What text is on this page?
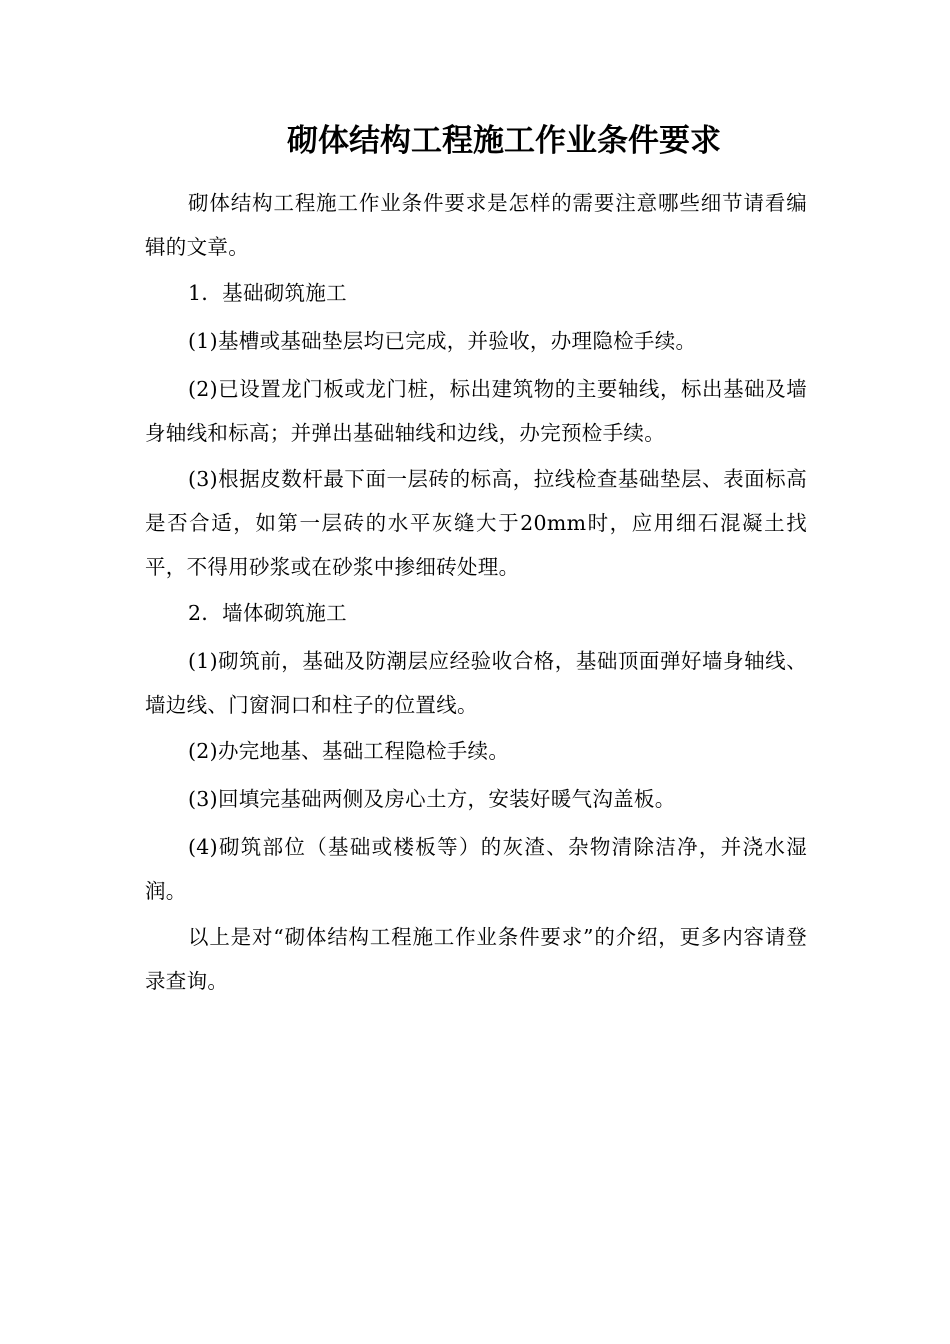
砌体结构工程施工作业条件要求

砌体结构工程施工作业条件要求是怎样的需要注意哪些细节请看编辑的文章。

1．基础砌筑施工

(1)基槽或基础垫层均已完成，并验收，办理隐检手续。

(2)已设置龙门板或龙门桩，标出建筑物的主要轴线，标出基础及墙身轴线和标高；并弹出基础轴线和边线，办完预检手续。

(3)根据皮数杆最下面一层砖的标高，拉线检查基础垫层、表面标高是否合适，如第一层砖的水平灰缝大于20mm时，应用细石混凝土找平，不得用砂浆或在砂浆中掺细砖处理。

2．墙体砌筑施工

(1)砌筑前，基础及防潮层应经验收合格，基础顶面弹好墙身轴线、墙边线、门窗洞口和柱子的位置线。

(2)办完地基、基础工程隐检手续。

(3)回填完基础两侧及房心土方，安装好暖气沟盖板。

(4)砌筑部位（基础或楼板等）的灰渣、杂物清除洁净，并浇水湿润。

以上是对“砌体结构工程施工作业条件要求”的介绍，更多内容请登录查询。
